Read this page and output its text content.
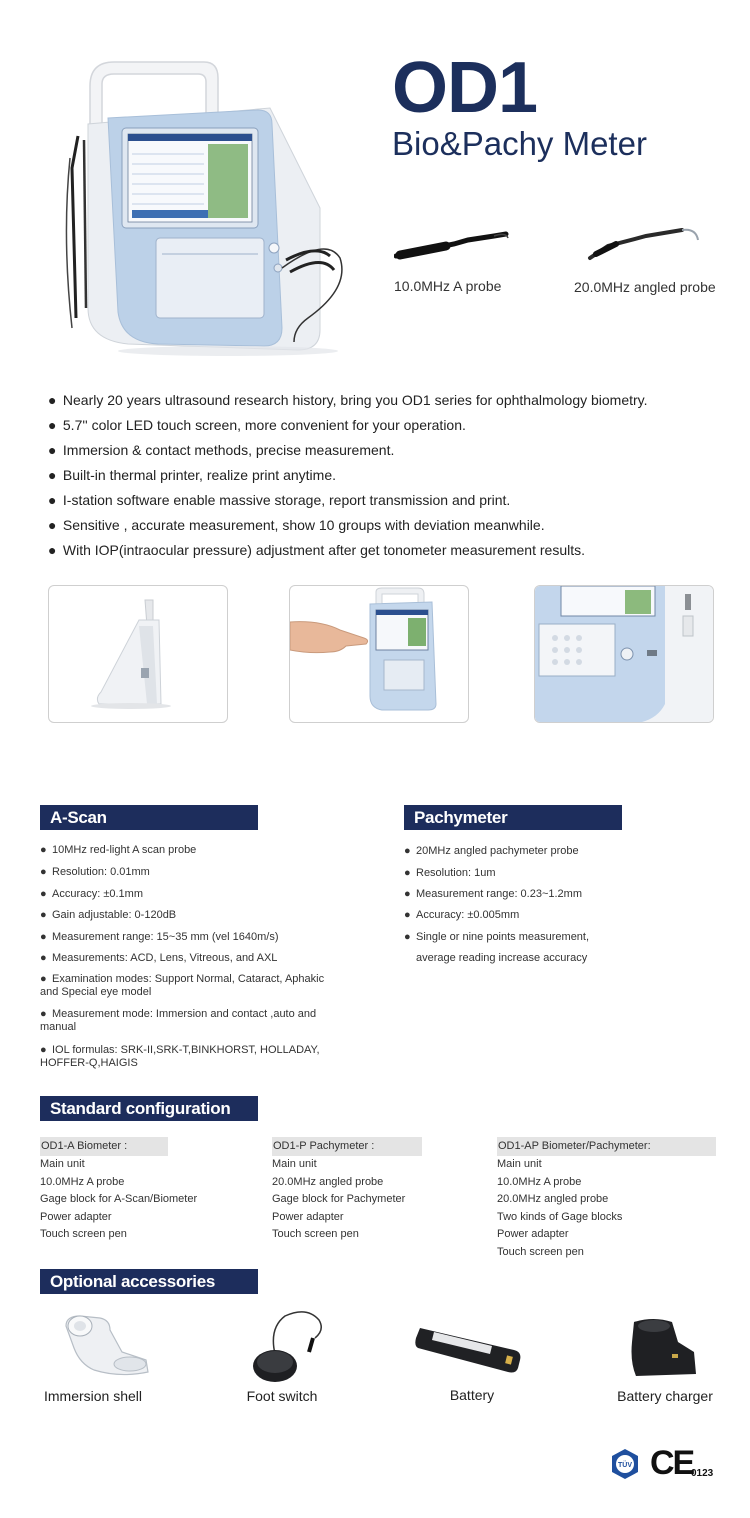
OD1
Bio&Pachy Meter
10.0MHz A probe	20.0MHz angled probe
● Nearly 20 years ultrasound research history, bring you OD1 series for ophthalmology biometry.
● 5.7'' color LED touch screen, more convenient for your operation.
● Immersion & contact methods, precise measurement.
● Built-in thermal printer, realize print anytime.
● I-station software enable massive storage, report transmission and print.
● Sensitive , accurate measurement, show 10 groups with deviation meanwhile.
● With IOP(intraocular pressure) adjustment after get tonometer measurement results.
A-Scan
● 10MHz red-light A scan probe
● Resolution: 0.01mm
● Accuracy: ±0.1mm
● Gain adjustable: 0-120dB
● Measurement range: 15~35 mm (vel 1640m/s)
● Measurements: ACD, Lens, Vitreous, and AXL
● Examination modes: Support Normal, Cataract, Aphakic and Special eye model
● Measurement mode: Immersion and contact ,auto and manual
● IOL formulas: SRK-II,SRK-T,BINKHORST, HOLLADAY, HOFFER-Q,HAIGIS
Pachymeter
● 20MHz angled pachymeter probe
● Resolution: 1um
● Measurement range: 0.23~1.2mm
● Accuracy: ±0.005mm
● Single or nine points measurement,
average reading increase accuracy
Standard configuration
OD1-A Biometer :
Main unit
10.0MHz A probe
Gage block for A-Scan/Biometer
Power adapter
Touch screen pen
OD1-P Pachymeter :
Main unit
20.0MHz angled probe
Gage block for Pachymeter
Power adapter
Touch screen pen
OD1-AP Biometer/Pachymeter:
Main unit
10.0MHz A probe
20.0MHz angled probe
Two kinds of Gage blocks
Power adapter
Touch screen pen
Optional accessories
Immersion shell	Foot switch	Battery	Battery charger
TÜV CE
0123
